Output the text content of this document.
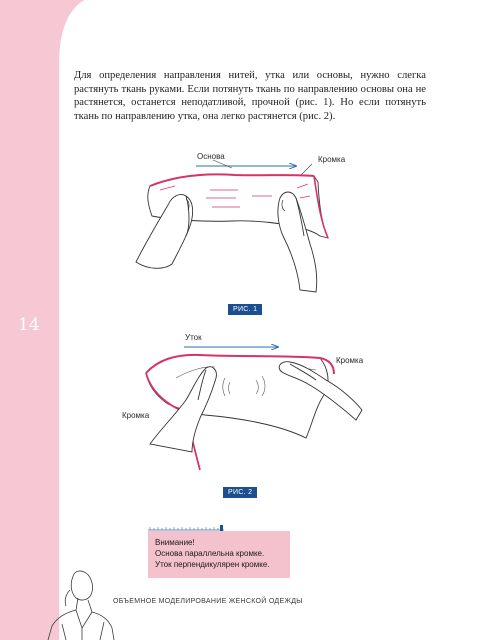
14

Для определения направления нитей, утка или основы, нужно слегка растянуть ткань руками. Если потянуть ткань по направлению основы она не растянется, останется неподатливой, прочной (рис. 1). Но если потянуть ткань по направлению утка, она легко растянется (рис. 2).

Основа	Кромка
РИС. 1
Уток
Кромка
Кромка
РИС. 2
Внимание!
Основа параллельна кромке.
Уток перпендикулярен кромке.
ОБЪЕМНОЕ МОДЕЛИРОВАНИЕ ЖЕНСКОЙ ОДЕЖДЫ
